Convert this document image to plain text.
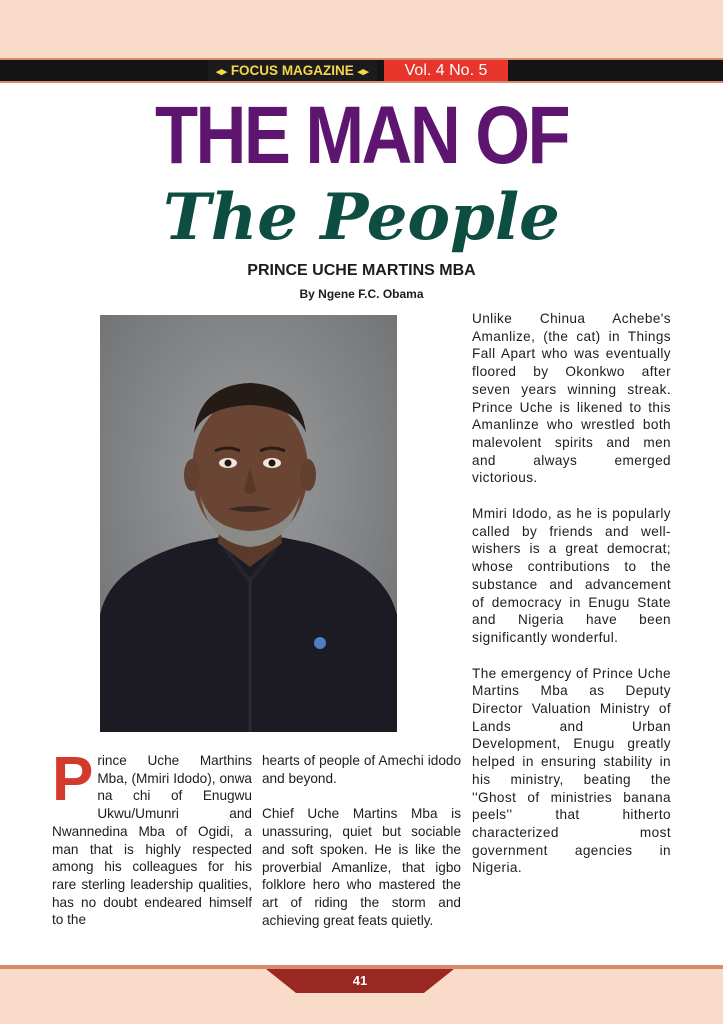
◂▸ FOCUS MAGAZINE ◂▸	Vol. 4 No. 5
THE MAN OF
The People
PRINCE UCHE MARTINS MBA
By Ngene F.C. Obama

Unlike Chinua Achebe's Amanlize, (the cat) in Things Fall Apart who was eventually floored by Okonkwo after seven years winning streak. Prince Uche is likened to this Amanlinze who wrestled both malevolent spirits and men and always emerged victorious.

Mmiri Idodo, as he is popularly called by friends and well-wishers is a great democrat; whose contributions to the substance and advancement of democracy in Enugu State and Nigeria have been significantly wonderful.

The emergency of Prince Uche Martins Mba as Deputy Director Valuation Ministry of Lands and Urban Development, Enugu greatly helped in ensuring stability in his ministry, beating the ''Ghost of ministries banana peels'' that hitherto characterized most government agencies in Nigeria.

P rince Uche Marthins Mba, (Mmiri Idodo), onwa na chi of Enugwu Ukwu/Umunri and Nwannedina Mba of Ogidi, a man that is highly respected among his colleagues for his rare sterling leadership qualities, has no doubt endeared himself to the

hearts of people of Amechi idodo and beyond.

Chief Uche Martins Mba is unassuring, quiet but sociable and soft spoken. He is like the proverbial Amanlize, that igbo folklore hero who mastered the art of riding the storm and achieving great feats quietly.

41
